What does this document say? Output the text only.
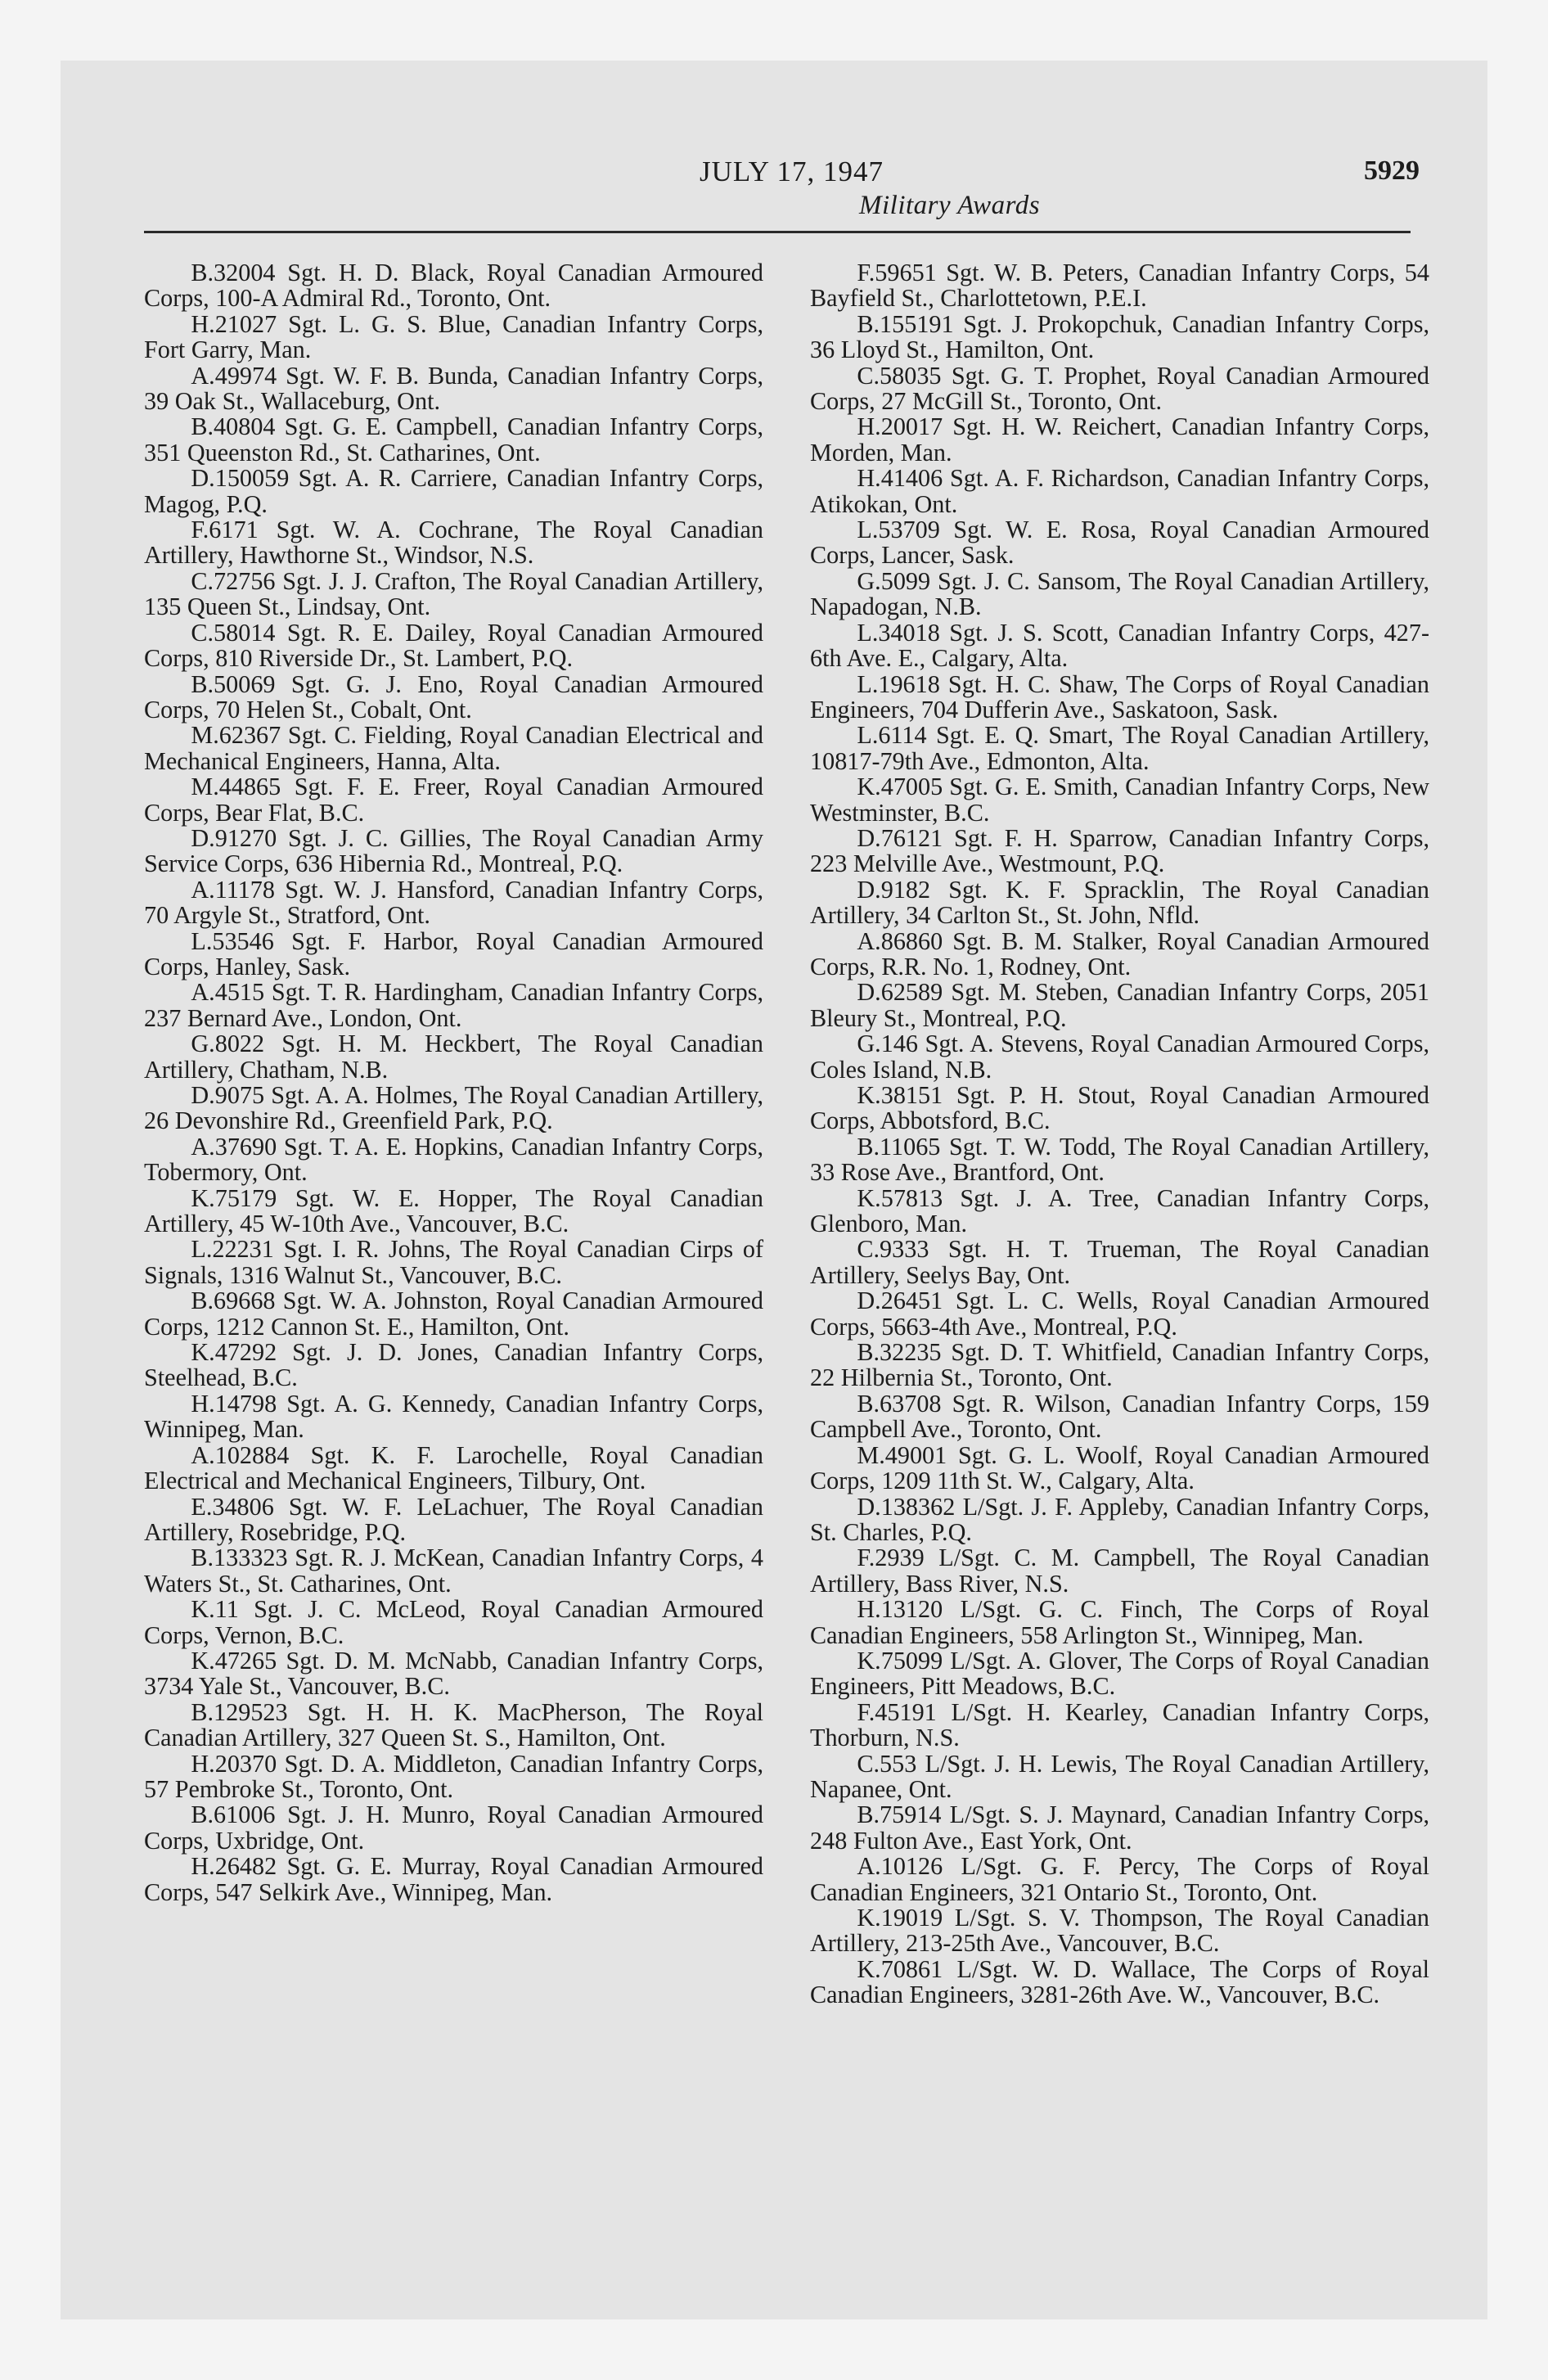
JULY 17, 1947
Military Awards
5929

B.32004 Sgt. H. D. Black, Royal Canadian Armoured Corps, 100-A Admiral Rd., Toronto, Ont.

H.21027 Sgt. L. G. S. Blue, Canadian Infantry Corps, Fort Garry, Man.

A.49974 Sgt. W. F. B. Bunda, Canadian Infantry Corps, 39 Oak St., Wallaceburg, Ont.

B.40804 Sgt. G. E. Campbell, Canadian Infantry Corps, 351 Queenston Rd., St. Catharines, Ont.

D.150059 Sgt. A. R. Carriere, Canadian Infantry Corps, Magog, P.Q.

F.6171 Sgt. W. A. Cochrane, The Royal Canadian Artillery, Hawthorne St., Windsor, N.S.

C.72756 Sgt. J. J. Crafton, The Royal Canadian Artillery, 135 Queen St., Lindsay, Ont.

C.58014 Sgt. R. E. Dailey, Royal Canadian Armoured Corps, 810 Riverside Dr., St. Lambert, P.Q.

B.50069 Sgt. G. J. Eno, Royal Canadian Armoured Corps, 70 Helen St., Cobalt, Ont.

M.62367 Sgt. C. Fielding, Royal Canadian Electrical and Mechanical Engineers, Hanna, Alta.

M.44865 Sgt. F. E. Freer, Royal Canadian Armoured Corps, Bear Flat, B.C.

D.91270 Sgt. J. C. Gillies, The Royal Canadian Army Service Corps, 636 Hibernia Rd., Montreal, P.Q.

A.11178 Sgt. W. J. Hansford, Canadian Infantry Corps, 70 Argyle St., Stratford, Ont.

L.53546 Sgt. F. Harbor, Royal Canadian Armoured Corps, Hanley, Sask.

A.4515 Sgt. T. R. Hardingham, Canadian Infantry Corps, 237 Bernard Ave., London, Ont.

G.8022 Sgt. H. M. Heckbert, The Royal Canadian Artillery, Chatham, N.B.

D.9075 Sgt. A. A. Holmes, The Royal Canadian Artillery, 26 Devonshire Rd., Greenfield Park, P.Q.

A.37690 Sgt. T. A. E. Hopkins, Canadian Infantry Corps, Tobermory, Ont.

K.75179 Sgt. W. E. Hopper, The Royal Canadian Artillery, 45 W-10th Ave., Vancouver, B.C.

L.22231 Sgt. I. R. Johns, The Royal Canadian Cirps of Signals, 1316 Walnut St., Vancouver, B.C.

B.69668 Sgt. W. A. Johnston, Royal Canadian Armoured Corps, 1212 Cannon St. E., Hamilton, Ont.

K.47292 Sgt. J. D. Jones, Canadian Infantry Corps, Steelhead, B.C.

H.14798 Sgt. A. G. Kennedy, Canadian Infantry Corps, Winnipeg, Man.

A.102884 Sgt. K. F. Larochelle, Royal Canadian Electrical and Mechanical Engineers, Tilbury, Ont.

E.34806 Sgt. W. F. LeLachuer, The Royal Canadian Artillery, Rosebridge, P.Q.

B.133323 Sgt. R. J. McKean, Canadian Infantry Corps, 4 Waters St., St. Catharines, Ont.

K.11 Sgt. J. C. McLeod, Royal Canadian Armoured Corps, Vernon, B.C.

K.47265 Sgt. D. M. McNabb, Canadian Infantry Corps, 3734 Yale St., Vancouver, B.C.

B.129523 Sgt. H. H. K. MacPherson, The Royal Canadian Artillery, 327 Queen St. S., Hamilton, Ont.

H.20370 Sgt. D. A. Middleton, Canadian Infantry Corps, 57 Pembroke St., Toronto, Ont.

B.61006 Sgt. J. H. Munro, Royal Canadian Armoured Corps, Uxbridge, Ont.

H.26482 Sgt. G. E. Murray, Royal Canadian Armoured Corps, 547 Selkirk Ave., Winnipeg, Man.

F.59651 Sgt. W. B. Peters, Canadian Infantry Corps, 54 Bayfield St., Charlottetown, P.E.I.

B.155191 Sgt. J. Prokopchuk, Canadian Infantry Corps, 36 Lloyd St., Hamilton, Ont.

C.58035 Sgt. G. T. Prophet, Royal Canadian Armoured Corps, 27 McGill St., Toronto, Ont.

H.20017 Sgt. H. W. Reichert, Canadian Infantry Corps, Morden, Man.

H.41406 Sgt. A. F. Richardson, Canadian Infantry Corps, Atikokan, Ont.

L.53709 Sgt. W. E. Rosa, Royal Canadian Armoured Corps, Lancer, Sask.

G.5099 Sgt. J. C. Sansom, The Royal Canadian Artillery, Napadogan, N.B.

L.34018 Sgt. J. S. Scott, Canadian Infantry Corps, 427-6th Ave. E., Calgary, Alta.

L.19618 Sgt. H. C. Shaw, The Corps of Royal Canadian Engineers, 704 Dufferin Ave., Saskatoon, Sask.

L.6114 Sgt. E. Q. Smart, The Royal Canadian Artillery, 10817-79th Ave., Edmonton, Alta.

K.47005 Sgt. G. E. Smith, Canadian Infantry Corps, New Westminster, B.C.

D.76121 Sgt. F. H. Sparrow, Canadian Infantry Corps, 223 Melville Ave., Westmount, P.Q.

D.9182 Sgt. K. F. Spracklin, The Royal Canadian Artillery, 34 Carlton St., St. John, Nfld.

A.86860 Sgt. B. M. Stalker, Royal Canadian Armoured Corps, R.R. No. 1, Rodney, Ont.

D.62589 Sgt. M. Steben, Canadian Infantry Corps, 2051 Bleury St., Montreal, P.Q.

G.146 Sgt. A. Stevens, Royal Canadian Armoured Corps, Coles Island, N.B.

K.38151 Sgt. P. H. Stout, Royal Canadian Armoured Corps, Abbotsford, B.C.

B.11065 Sgt. T. W. Todd, The Royal Canadian Artillery, 33 Rose Ave., Brantford, Ont.

K.57813 Sgt. J. A. Tree, Canadian Infantry Corps, Glenboro, Man.

C.9333 Sgt. H. T. Trueman, The Royal Canadian Artillery, Seelys Bay, Ont.

D.26451 Sgt. L. C. Wells, Royal Canadian Armoured Corps, 5663-4th Ave., Montreal, P.Q.

B.32235 Sgt. D. T. Whitfield, Canadian Infantry Corps, 22 Hilbernia St., Toronto, Ont.

B.63708 Sgt. R. Wilson, Canadian Infantry Corps, 159 Campbell Ave., Toronto, Ont.

M.49001 Sgt. G. L. Woolf, Royal Canadian Armoured Corps, 1209 11th St. W., Calgary, Alta.

D.138362 L/Sgt. J. F. Appleby, Canadian Infantry Corps, St. Charles, P.Q.

F.2939 L/Sgt. C. M. Campbell, The Royal Canadian Artillery, Bass River, N.S.

H.13120 L/Sgt. G. C. Finch, The Corps of Royal Canadian Engineers, 558 Arlington St., Winnipeg, Man.

K.75099 L/Sgt. A. Glover, The Corps of Royal Canadian Engineers, Pitt Meadows, B.C.

F.45191 L/Sgt. H. Kearley, Canadian Infantry Corps, Thorburn, N.S.

C.553 L/Sgt. J. H. Lewis, The Royal Canadian Artillery, Napanee, Ont.

B.75914 L/Sgt. S. J. Maynard, Canadian Infantry Corps, 248 Fulton Ave., East York, Ont.

A.10126 L/Sgt. G. F. Percy, The Corps of Royal Canadian Engineers, 321 Ontario St., Toronto, Ont.

K.19019 L/Sgt. S. V. Thompson, The Royal Canadian Artillery, 213-25th Ave., Vancouver, B.C.

K.70861 L/Sgt. W. D. Wallace, The Corps of Royal Canadian Engineers, 3281-26th Ave. W., Vancouver, B.C.
